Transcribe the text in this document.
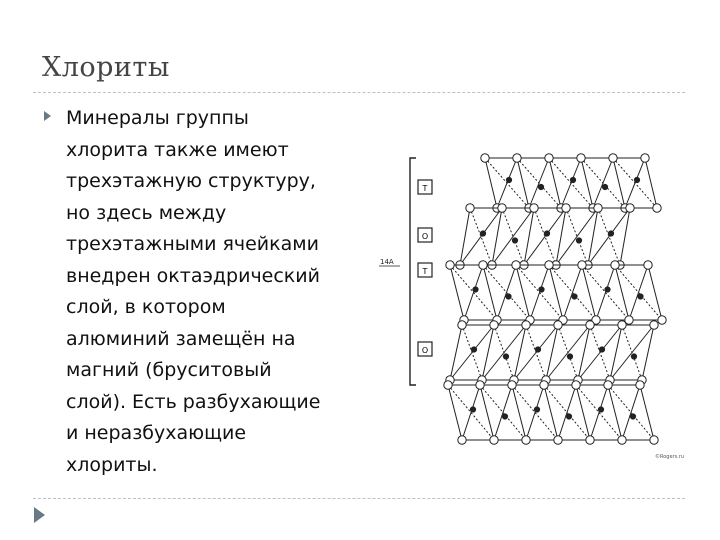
Хлориты
Минералы группы
хлорита также имеют
трехэтажную структуру,
но здесь между
трехэтажными ячейками
внедрен октаэдрический
слой, в котором
алюминий замещён на
магний (бруситовый
слой). Есть разбухающие
и неразбухающие
хлориты.
T
O
T
O
14A
©Rogers.ru
